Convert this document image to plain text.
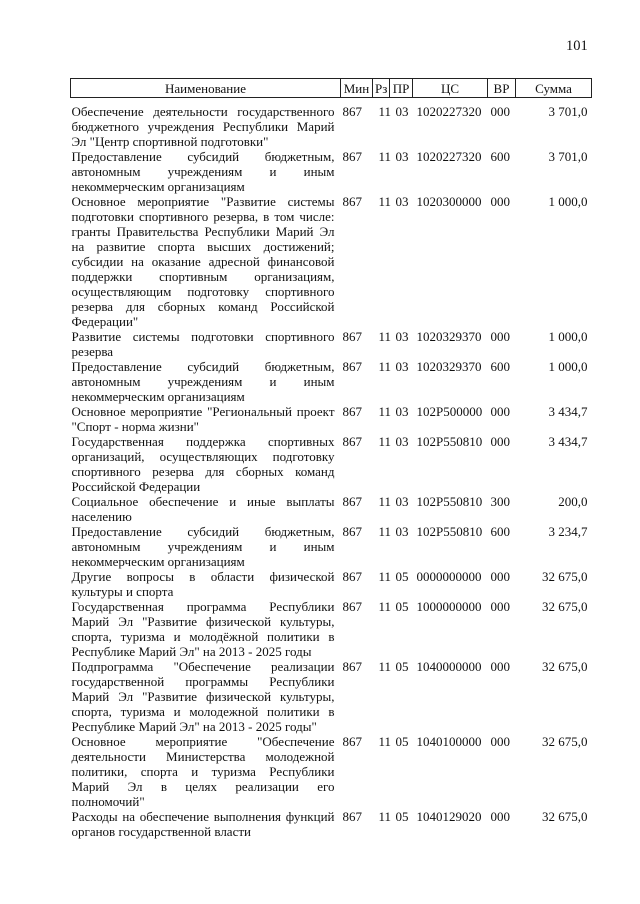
101
Наименование	Мин	Рз	ПР	ЦС	ВР	Сумма
Обеспечение деятельности государственного бюджетного учреждения Республики Марий Эл "Центр спортивной подготовки"	867	11	03	1020227320	000	3 701,0
Предоставление субсидий бюджетным, автономным учреждениям и иным некоммерческим организациям	867	11	03	1020227320	600	3 701,0
Основное мероприятие "Развитие системы подготовки спортивного резерва, в том числе: гранты Правительства Республики Марий Эл на развитие спорта высших достижений; субсидии на оказание адресной финансовой поддержки спортивным организациям, осуществляющим подготовку спортивного резерва для сборных команд Российской Федерации"	867	11	03	1020300000	000	1 000,0
Развитие системы подготовки спортивного резерва	867	11	03	1020329370	000	1 000,0
Предоставление субсидий бюджетным, автономным учреждениям и иным некоммерческим организациям	867	11	03	1020329370	600	1 000,0
Основное мероприятие "Региональный проект "Спорт - норма жизни"	867	11	03	102P500000	000	3 434,7
Государственная поддержка спортивных организаций, осуществляющих подготовку спортивного резерва для сборных команд Российской Федерации	867	11	03	102P550810	000	3 434,7
Социальное обеспечение и иные выплаты населению	867	11	03	102P550810	300	200,0
Предоставление субсидий бюджетным, автономным учреждениям и иным некоммерческим организациям	867	11	03	102P550810	600	3 234,7
Другие вопросы в области физической культуры и спорта	867	11	05	0000000000	000	32 675,0
Государственная программа Республики Марий Эл "Развитие физической культуры, спорта, туризма и молодёжной политики в Республике Марий Эл" на 2013 - 2025 годы	867	11	05	1000000000	000	32 675,0
Подпрограмма "Обеспечение реализации государственной программы Республики Марий Эл "Развитие физической культуры, спорта, туризма и молодежной политики в Республике Марий Эл" на 2013 - 2025 годы"	867	11	05	1040000000	000	32 675,0
Основное мероприятие "Обеспечение деятельности Министерства молодежной политики, спорта и туризма Республики Марий Эл в целях реализации его полномочий"	867	11	05	1040100000	000	32 675,0
Расходы на обеспечение выполнения функций органов государственной власти	867	11	05	1040129020	000	32 675,0
